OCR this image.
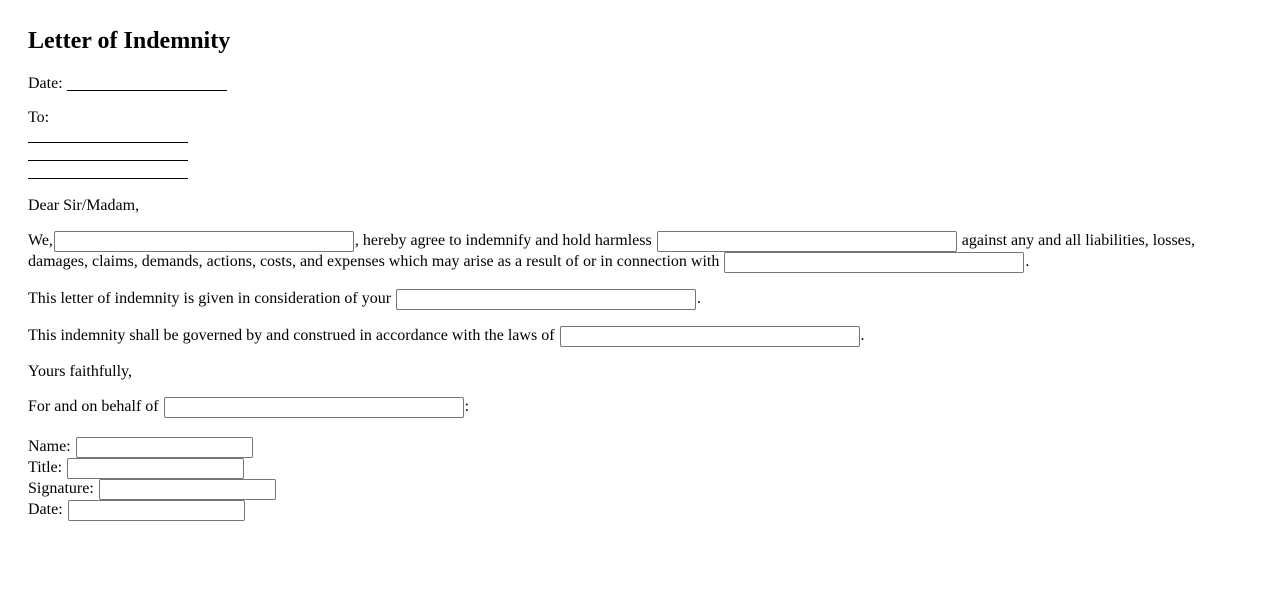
Letter of Indemnity
Date:
To:
Dear Sir/Madam,
We,	, hereby agree to indemnify and hold harmless	against any and all liabilities, losses,
damages, claims, demands, actions, costs, and expenses which may arise as a result of or in connection with	.
This letter of indemnity is given in consideration of your	.
This indemnity shall be governed by and construed in accordance with the laws of	.
Yours faithfully,
For and on behalf of	:
Name:
Title:
Signature:
Date:
